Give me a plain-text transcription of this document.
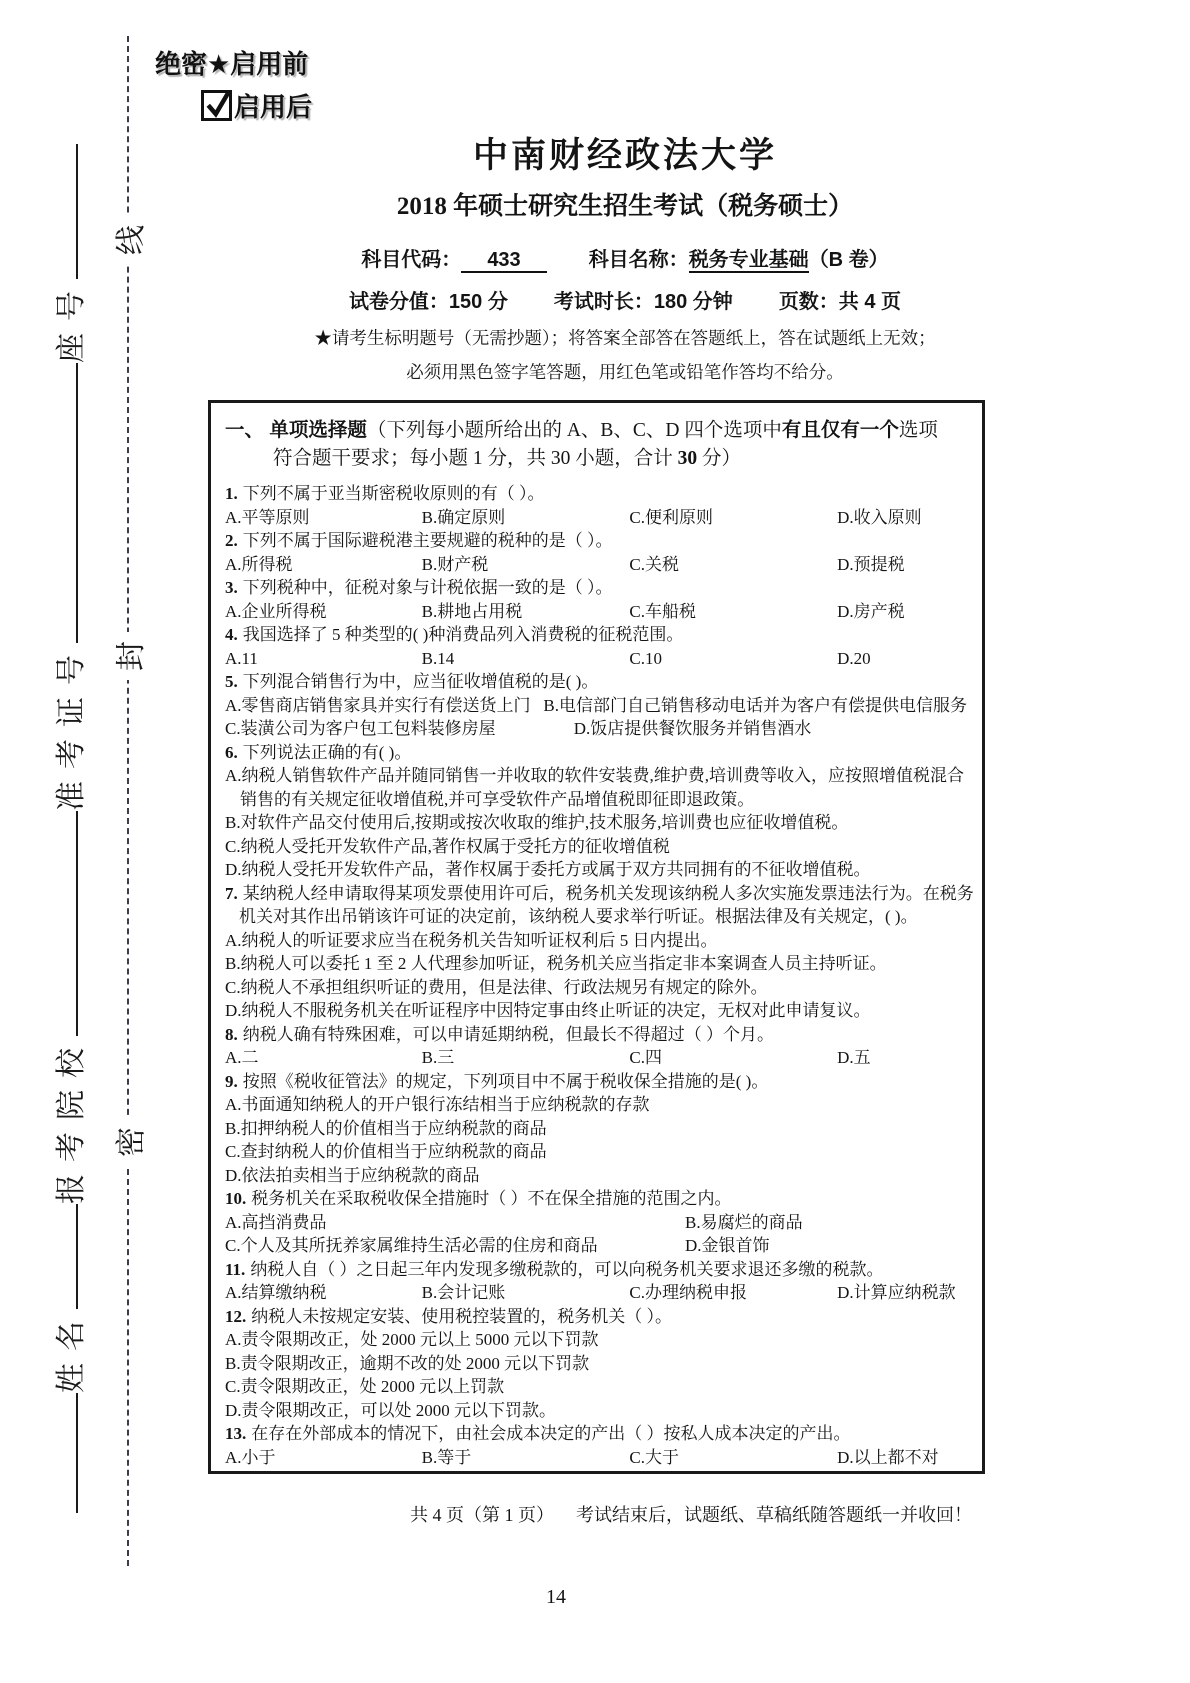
姓名
报考院校
准考证号
座号
线
封
密
绝密★启用前
启用后
中南财经政法大学
2018 年硕士研究生招生考试（税务硕士）
科目代码： 433	科目名称：税务专业基础（B 卷）
试卷分值：150 分 考试时长：180 分钟 页数：共 4 页
★请考生标明题号（无需抄题）；将答案全部答在答题纸上，答在试题纸上无效；
必须用黑色签字笔答题，用红色笔或铅笔作答均不给分。
一、 单项选择题（下列每小题所给出的 A、B、C、D 四个选项中有且仅有一个选项
符合题干要求；每小题 1 分，共 30 小题，合计 30 分）
1. 下列不属于亚当斯密税收原则的有（ ）。
A.平等原则	B.确定原则	C.便利原则	D.收入原则
2. 下列不属于国际避税港主要规避的税种的是（ ）。
A.所得税	B.财产税	C.关税	D.预提税
3. 下列税种中，征税对象与计税依据一致的是（ ）。
A.企业所得税	B.耕地占用税	C.车船税	D.房产税
4. 我国选择了 5 种类型的( )种消费品列入消费税的征税范围。
A.11	B.14	C.10	D.20
5. 下列混合销售行为中，应当征收增值税的是( )。
A.零售商店销售家具并实行有偿送货上门 B.电信部门自己销售移动电话并为客户有偿提供电信服务
C.装潢公司为客户包工包料装修房屋	D.饭店提供餐饮服务并销售酒水
6. 下列说法正确的有( )。
A.纳税人销售软件产品并随同销售一并收取的软件安装费,维护费,培训费等收入，应按照增值税混合销售的有关规定征收增值税,并可享受软件产品增值税即征即退政策。
B.对软件产品交付使用后,按期或按次收取的维护,技术服务,培训费也应征收增值税。
C.纳税人受托开发软件产品,著作权属于受托方的征收增值税
D.纳税人受托开发软件产品，著作权属于委托方或属于双方共同拥有的不征收增值税。
7. 某纳税人经申请取得某项发票使用许可后，税务机关发现该纳税人多次实施发票违法行为。在税务
机关对其作出吊销该许可证的决定前，该纳税人要求举行听证。根据法律及有关规定，( )。
A.纳税人的听证要求应当在税务机关告知听证权利后 5 日内提出。
B.纳税人可以委托 1 至 2 人代理参加听证，税务机关应当指定非本案调查人员主持听证。
C.纳税人不承担组织听证的费用，但是法律、行政法规另有规定的除外。
D.纳税人不服税务机关在听证程序中因特定事由终止听证的决定，无权对此申请复议。
8. 纳税人确有特殊困难，可以申请延期纳税，但最长不得超过（ ）个月。
A.二	B.三	C.四	D.五
9. 按照《税收征管法》的规定，下列项目中不属于税收保全措施的是( )。
A.书面通知纳税人的开户银行冻结相当于应纳税款的存款
B.扣押纳税人的价值相当于应纳税款的商品
C.查封纳税人的价值相当于应纳税款的商品
D.依法拍卖相当于应纳税款的商品
10. 税务机关在采取税收保全措施时（ ）不在保全措施的范围之内。
A.高挡消费品	B.易腐烂的商品
C.个人及其所抚养家属维持生活必需的住房和商品	D.金银首饰
11. 纳税人自（ ）之日起三年内发现多缴税款的，可以向税务机关要求退还多缴的税款。
A.结算缴纳税	B.会计记账	C.办理纳税申报	D.计算应纳税款
12. 纳税人未按规定安装、使用税控装置的，税务机关（ ）。
A.责令限期改正，处 2000 元以上 5000 元以下罚款
B.责令限期改正，逾期不改的处 2000 元以下罚款
C.责令限期改正，处 2000 元以上罚款
D.责令限期改正，可以处 2000 元以下罚款。
13. 在存在外部成本的情况下，由社会成本决定的产出（ ）按私人成本决定的产出。
A.小于	B.等于	C.大于	D.以上都不对
共 4 页（第 1 页） 考试结束后，试题纸、草稿纸随答题纸一并收回！
14
